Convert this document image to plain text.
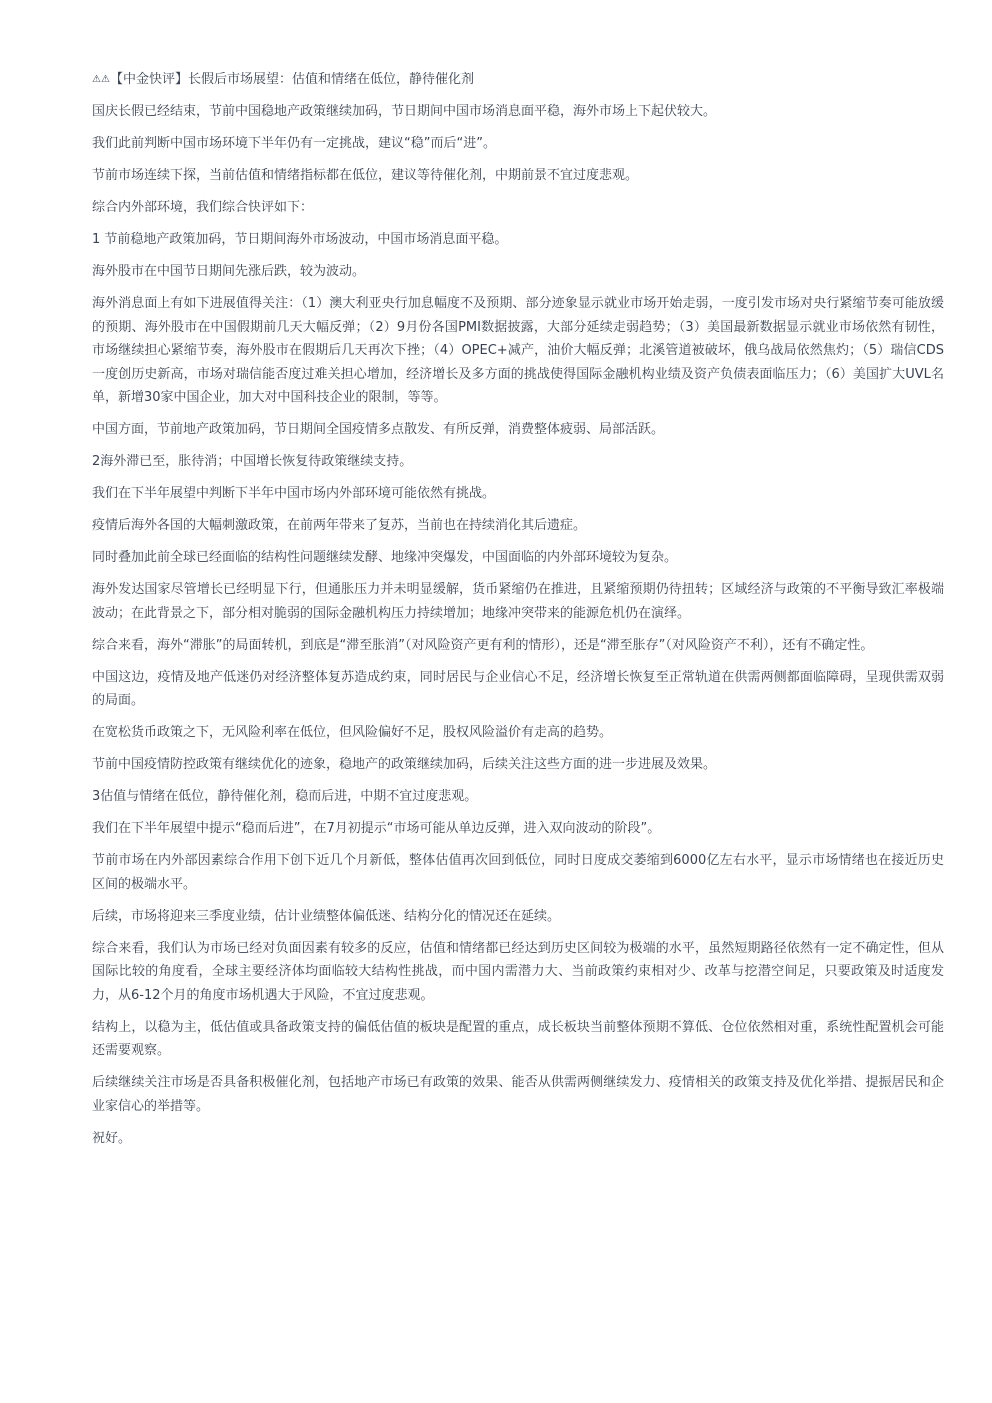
⚠⚠【中金快评】长假后市场展望：估值和情绪在低位，静待催化剂
国庆长假已经结束，节前中国稳地产政策继续加码，节日期间中国市场消息面平稳，海外市场上下起伏较大。
我们此前判断中国市场环境下半年仍有一定挑战，建议“稳”而后“进”。
节前市场连续下探，当前估值和情绪指标都在低位，建议等待催化剂，中期前景不宜过度悲观。
综合内外部环境，我们综合快评如下：
1 节前稳地产政策加码，节日期间海外市场波动，中国市场消息面平稳。
海外股市在中国节日期间先涨后跌，较为波动。
海外消息面上有如下进展值得关注：（1）澳大利亚央行加息幅度不及预期、部分迹象显示就业市场开始走弱，一度引发市场对央行紧缩节奏可能放缓的预期、海外股市在中国假期前几天大幅反弹；（2）9月份各国PMI数据披露，大部分延续走弱趋势；（3）美国最新数据显示就业市场依然有韧性，市场继续担心紧缩节奏，海外股市在假期后几天再次下挫；（4）OPEC+减产，油价大幅反弹；北溪管道被破坏，俄乌战局依然焦灼；（5）瑞信CDS一度创历史新高，市场对瑞信能否度过难关担心增加，经济增长及多方面的挑战使得国际金融机构业绩及资产负债表面临压力；（6）美国扩大UVL名单，新增30家中国企业，加大对中国科技企业的限制，等等。
中国方面，节前地产政策加码，节日期间全国疫情多点散发、有所反弹，消费整体疲弱、局部活跃。
2海外滞已至，胀待消；中国增长恢复待政策继续支持。
我们在下半年展望中判断下半年中国市场内外部环境可能依然有挑战。
疫情后海外各国的大幅刺激政策，在前两年带来了复苏，当前也在持续消化其后遗症。
同时叠加此前全球已经面临的结构性问题继续发酵、地缘冲突爆发，中国面临的内外部环境较为复杂。
海外发达国家尽管增长已经明显下行，但通胀压力并未明显缓解，货币紧缩仍在推进，且紧缩预期仍待扭转；区域经济与政策的不平衡导致汇率极端波动；在此背景之下，部分相对脆弱的国际金融机构压力持续增加；地缘冲突带来的能源危机仍在演绎。
综合来看，海外“滞胀”的局面转机，到底是“滞至胀消”（对风险资产更有利的情形），还是“滞至胀存”（对风险资产不利），还有不确定性。
中国这边，疫情及地产低迷仍对经济整体复苏造成约束，同时居民与企业信心不足，经济增长恢复至正常轨道在供需两侧都面临障碍，呈现供需双弱的局面。
在宽松货币政策之下，无风险利率在低位，但风险偏好不足，股权风险溢价有走高的趋势。
节前中国疫情防控政策有继续优化的迹象，稳地产的政策继续加码，后续关注这些方面的进一步进展及效果。
3估值与情绪在低位，静待催化剂，稳而后进，中期不宜过度悲观。
我们在下半年展望中提示“稳而后进”，在7月初提示“市场可能从单边反弹，进入双向波动的阶段”。
节前市场在内外部因素综合作用下创下近几个月新低，整体估值再次回到低位，同时日度成交萎缩到6000亿左右水平，显示市场情绪也在接近历史区间的极端水平。
后续，市场将迎来三季度业绩，估计业绩整体偏低迷、结构分化的情况还在延续。
综合来看，我们认为市场已经对负面因素有较多的反应，估值和情绪都已经达到历史区间较为极端的水平，虽然短期路径依然有一定不确定性，但从国际比较的角度看，全球主要经济体均面临较大结构性挑战，而中国内需潜力大、当前政策约束相对少、改革与挖潜空间足，只要政策及时适度发力，从6-12个月的角度市场机遇大于风险，不宜过度悲观。
结构上，以稳为主，低估值或具备政策支持的偏低估值的板块是配置的重点，成长板块当前整体预期不算低、仓位依然相对重，系统性配置机会可能还需要观察。
后续继续关注市场是否具备积极催化剂，包括地产市场已有政策的效果、能否从供需两侧继续发力、疫情相关的政策支持及优化举措、提振居民和企业家信心的举措等。
祝好。
